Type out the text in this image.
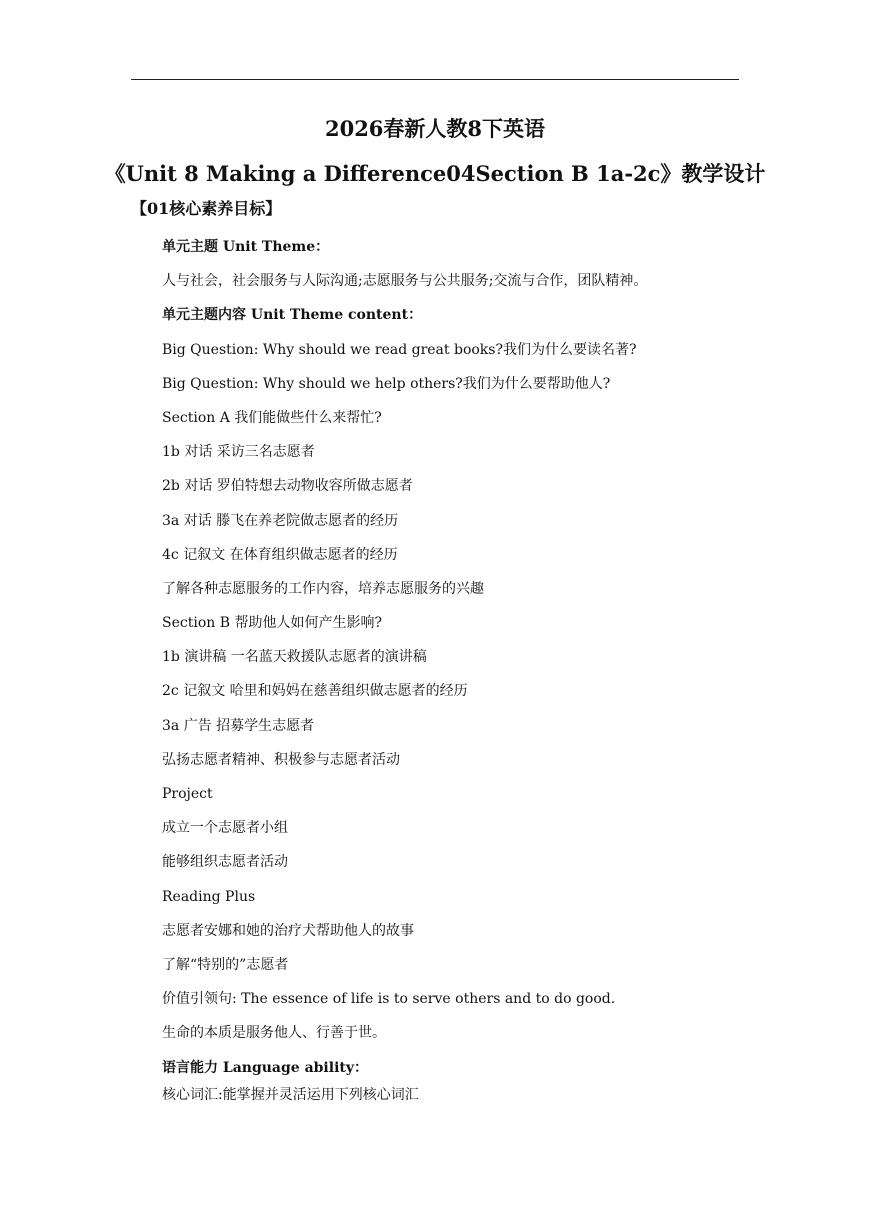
2026春新人教8下英语
《Unit 8 Making a Difference04Section B 1a-2c》教学设计
【01核心素养目标】
单元主题 Unit Theme：
人与社会，社会服务与人际沟通;志愿服务与公共服务;交流与合作，团队精神。
单元主题内容 Unit Theme content：
Big Question: Why should we read great books?我们为什么要读名著?
Big Question: Why should we help others?我们为什么要帮助他人?
Section A 我们能做些什么来帮忙?
1b 对话 采访三名志愿者
2b 对话 罗伯特想去动物收容所做志愿者
3a 对话 滕飞在养老院做志愿者的经历
4c 记叙文 在体育组织做志愿者的经历
了解各种志愿服务的工作内容，培养志愿服务的兴趣
Section B 帮助他人如何产生影响?
1b 演讲稿 一名蓝天救援队志愿者的演讲稿
2c 记叙文 哈里和妈妈在慈善组织做志愿者的经历
3a 广告 招募学生志愿者
弘扬志愿者精神、积极参与志愿者活动
Project
成立一个志愿者小组
能够组织志愿者活动
Reading Plus
志愿者安娜和她的治疗犬帮助他人的故事
了解“特别的”志愿者
价值引领句: The essence of life is to serve others and to do good.
生命的本质是服务他人、行善于世。
语言能力 Language ability：
核心词汇:能掌握并灵活运用下列核心词汇
